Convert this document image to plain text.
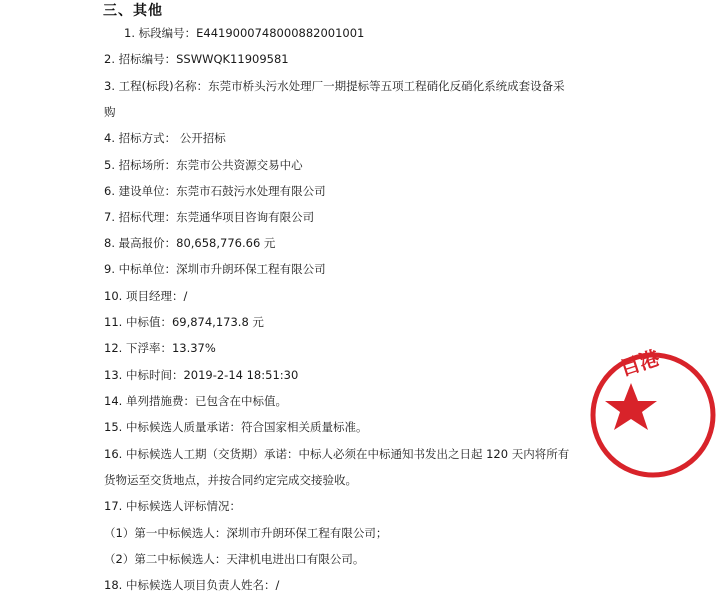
三、其他
1. 标段编号：E4419000748000882001001
2. 招标编号：SSWWQK11909581
3. 工程(标段)名称：东莞市桥头污水处理厂一期提标等五项工程硝化反硝化系统成套设备采
购
4. 招标方式： 公开招标
5. 招标场所：东莞市公共资源交易中心
6. 建设单位：东莞市石鼓污水处理有限公司
7. 招标代理：东莞通华项目咨询有限公司
8. 最高报价：80,658,776.66 元
9. 中标单位：深圳市升朗环保工程有限公司
10. 项目经理：/
11. 中标值：69,874,173.8 元
12. 下浮率：13.37%
13. 中标时间：2019-2-14 18:51:30
14. 单列措施费：已包含在中标值。
15. 中标候选人质量承诺：符合国家相关质量标准。
16. 中标候选人工期（交货期）承诺：中标人必须在中标通知书发出之日起 120 天内将所有
货物运至交货地点，并按合同约定完成交接验收。
17. 中标候选人评标情况：
（1）第一中标候选人：深圳市升朗环保工程有限公司；
（2）第二中标候选人：天津机电进出口有限公司。
18. 中标候选人项目负责人姓名：/
目港
